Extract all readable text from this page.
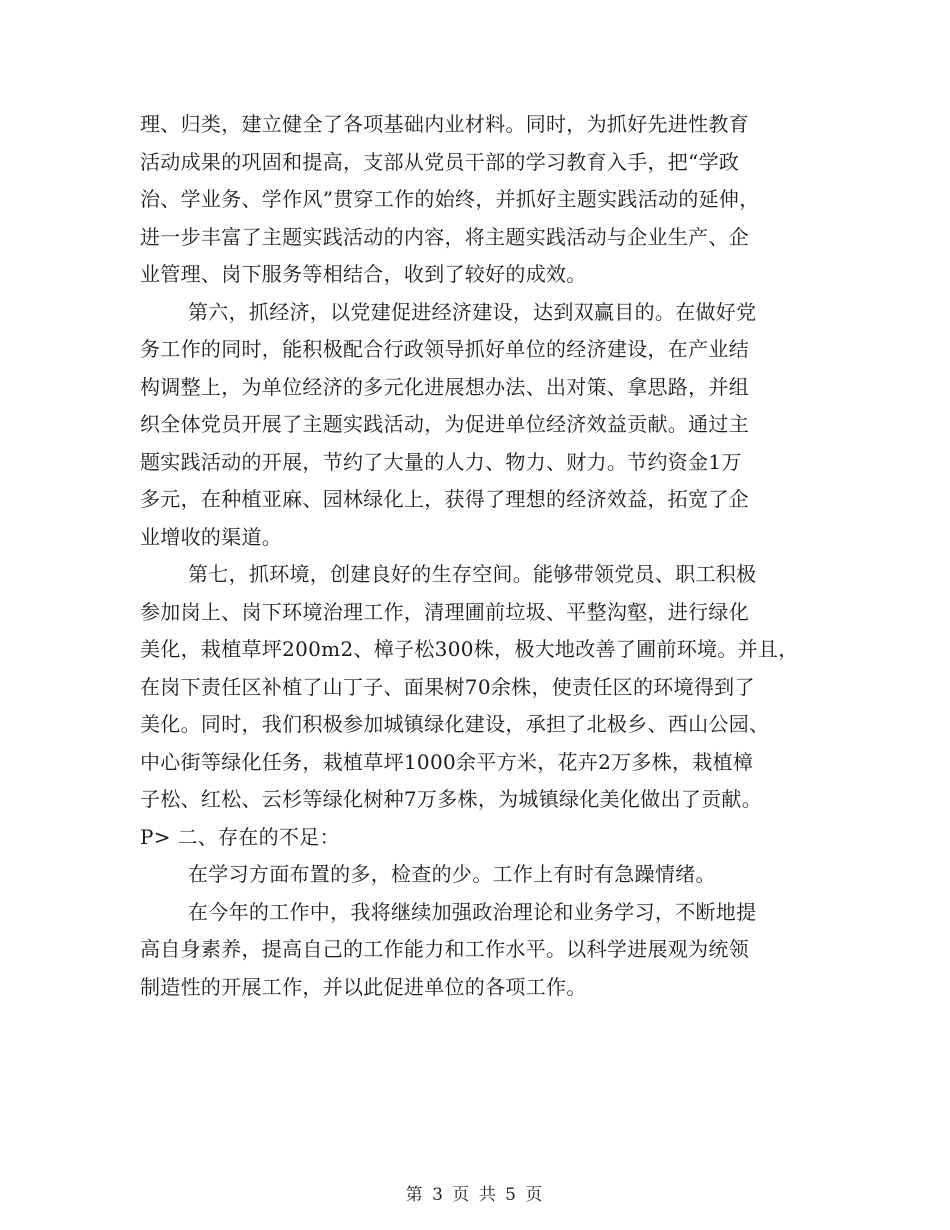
理、归类，建立健全了各项基础内业材料。同时，为抓好先进性教育
活动成果的巩固和提高，支部从党员干部的学习教育入手，把“学政
治、学业务、学作风”贯穿工作的始终，并抓好主题实践活动的延伸，
进一步丰富了主题实践活动的内容，将主题实践活动与企业生产、企
业管理、岗下服务等相结合，收到了较好的成效。
第六，抓经济，以党建促进经济建设，达到双赢目的。在做好党
务工作的同时，能积极配合行政领导抓好单位的经济建设，在产业结
构调整上，为单位经济的多元化进展想办法、出对策、拿思路，并组
织全体党员开展了主题实践活动，为促进单位经济效益贡献。通过主
题实践活动的开展，节约了大量的人力、物力、财力。节约资金1万
多元，在种植亚麻、园林绿化上，获得了理想的经济效益，拓宽了企
业增收的渠道。
第七，抓环境，创建良好的生存空间。能够带领党员、职工积极
参加岗上、岗下环境治理工作，清理圃前垃圾、平整沟壑，进行绿化
美化，栽植草坪200m2、樟子松300株，极大地改善了圃前环境。并且，
在岗下责任区补植了山丁子、面果树70余株，使责任区的环境得到了
美化。同时，我们积极参加城镇绿化建设，承担了北极乡、西山公园、
中心街等绿化任务，栽植草坪1000余平方米，花卉2万多株，栽植樟
子松、红松、云杉等绿化树种7万多株，为城镇绿化美化做出了贡献。
P> 二、存在的不足：
在学习方面布置的多，检查的少。工作上有时有急躁情绪。
在今年的工作中，我将继续加强政治理论和业务学习，不断地提
高自身素养，提高自己的工作能力和工作水平。以科学进展观为统领
制造性的开展工作，并以此促进单位的各项工作。
第 3 页 共 5 页
